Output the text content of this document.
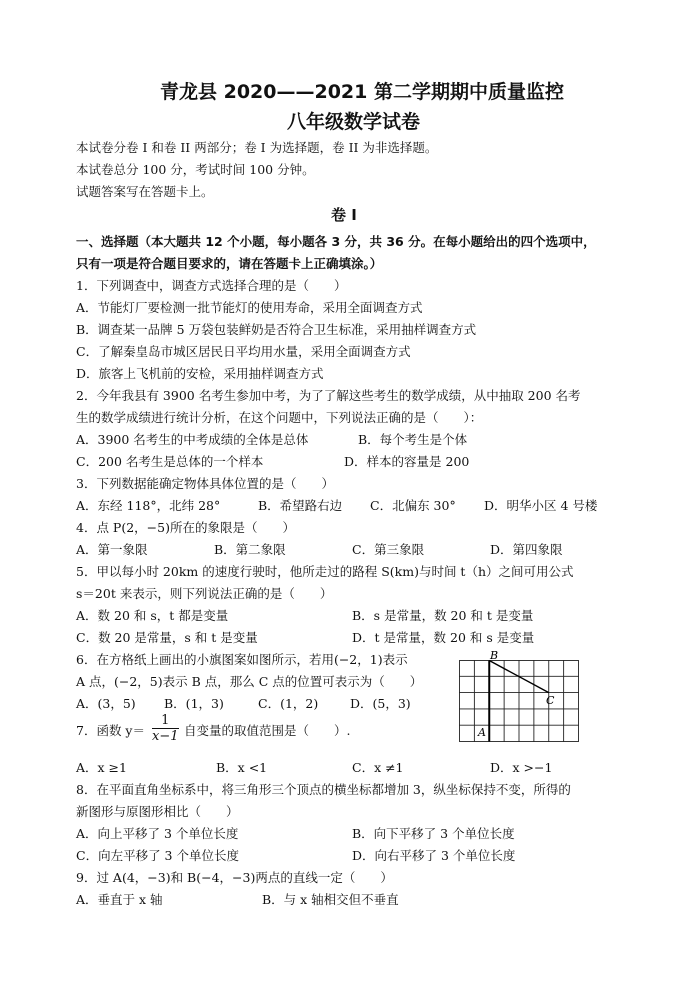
青龙县 2020——2021 第二学期期中质量监控
八年级数学试卷
本试卷分卷 I 和卷 II 两部分；卷 I 为选择题，卷 II 为非选择题。
本试卷总分 100 分，考试时间 100 分钟。
试题答案写在答题卡上。
卷 I
一、选择题（本大题共 12 个小题，每小题各 3 分，共 36 分。在每小题给出的四个选项中，
只有一项是符合题目要求的，请在答题卡上正确填涂。）
1．下列调查中，调查方式选择合理的是（　　）
A．节能灯厂要检测一批节能灯的使用寿命，采用全面调查方式
B．调查某一品牌 5 万袋包装鲜奶是否符合卫生标准，采用抽样调查方式
C．了解秦皇岛市城区居民日平均用水量，采用全面调查方式
D．旅客上飞机前的安检，采用抽样调查方式
2．今年我县有 3900 名考生参加中考，为了了解这些考生的数学成绩，从中抽取 200 名考
生的数学成绩进行统计分析，在这个问题中，下列说法正确的是（　　）：
A．3900 名考生的中考成绩的全体是总体	B．每个考生是个体
C．200 名考生是总体的一个样本	D．样本的容量是 200
3．下列数据能确定物体具体位置的是（　　）
A．东经 118°，北纬 28°	B．希望路右边 C．北偏东 30° D．明华小区 4 号楼
4．点 P(2，−5)所在的象限是（　　）
A．第一象限	B．第二象限	C．第三象限	D．第四象限
5．甲以每小时 20km 的速度行驶时，他所走过的路程 S(km)与时间 t（h）之间可用公式
s＝20t 来表示，则下列说法正确的是（　　）
A．数 20 和 s，t 都是变量	B．s 是常量，数 20 和 t 是变量
C．数 20 是常量，s 和 t 是变量	D．t 是常量，数 20 和 s 是变量
6．在方格纸上画出的小旗图案如图所示，若用(−2，1)表示
A 点，(−2，5)表示 B 点，那么 C 点的位置可表示为（　　）
A．(3，5) B．(1，3)	C．(1，2)	D．(5，3)
B
A
C
7．函数 $y= \frac{1}{x-1}$ 自变量的取值范围是（　　）.
A．x ≥1	B．x <1	C．x ≠1	D．x >−1
8．在平面直角坐标系中，将三角形三个顶点的横坐标都增加 3，纵坐标保持不变，所得的
新图形与原图形相比（　　）
A．向上平移了 3 个单位长度	B．向下平移了 3 个单位长度
C．向左平移了 3 个单位长度	D．向右平移了 3 个单位长度
9．过 A(4，−3)和 B(−4，−3)两点的直线一定（　　）
A．垂直于 x 轴	B．与 x 轴相交但不垂直
